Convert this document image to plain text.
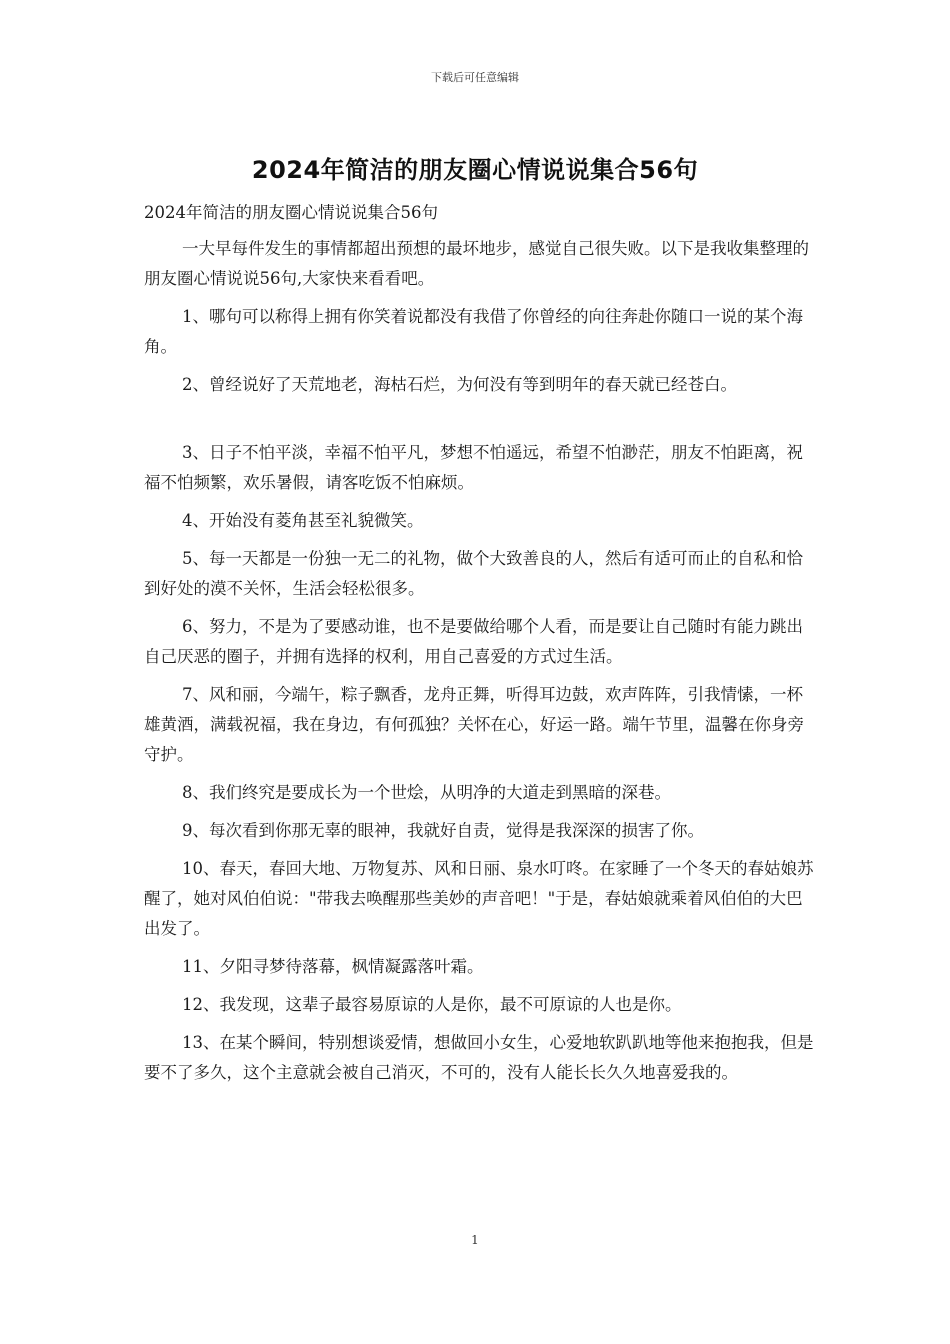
下载后可任意编辑
2024年简洁的朋友圈心情说说集合56句

2024年简洁的朋友圈心情说说集合56句

一大早每件发生的事情都超出预想的最坏地步，感觉自己很失败。以下是我收集整理的朋友圈心情说说56句,大家快来看看吧。

1、哪句可以称得上拥有你笑着说都没有我借了你曾经的向往奔赴你随口一说的某个海角。

2、曾经说好了天荒地老，海枯石烂，为何没有等到明年的春天就已经苍白。

3、日子不怕平淡，幸福不怕平凡，梦想不怕遥远，希望不怕渺茫，朋友不怕距离，祝福不怕频繁，欢乐暑假，请客吃饭不怕麻烦。

4、开始没有菱角甚至礼貌微笑。

5、每一天都是一份独一无二的礼物，做个大致善良的人，然后有适可而止的自私和恰到好处的漠不关怀，生活会轻松很多。

6、努力，不是为了要感动谁，也不是要做给哪个人看，而是要让自己随时有能力跳出自己厌恶的圈子，并拥有选择的权利，用自己喜爱的方式过生活。

7、风和丽，今端午，粽子飘香，龙舟正舞，听得耳边鼓，欢声阵阵，引我情愫，一杯雄黄酒，满载祝福，我在身边，有何孤独？关怀在心，好运一路。端午节里，温馨在你身旁守护。

8、我们终究是要成长为一个世烩，从明净的大道走到黑暗的深巷。

9、每次看到你那无辜的眼神，我就好自责，觉得是我深深的损害了你。

10、春天，春回大地、万物复苏、风和日丽、泉水叮咚。在家睡了一个冬天的春姑娘苏醒了，她对风伯伯说："带我去唤醒那些美妙的声音吧！"于是，春姑娘就乘着风伯伯的大巴出发了。

11、夕阳寻梦待落幕，枫情凝露落叶霜。

12、我发现，这辈子最容易原谅的人是你，最不可原谅的人也是你。

13、在某个瞬间，特别想谈爱情，想做回小女生，心爱地软趴趴地等他来抱抱我，但是要不了多久，这个主意就会被自己消灭，不可的，没有人能长长久久地喜爱我的。

1
